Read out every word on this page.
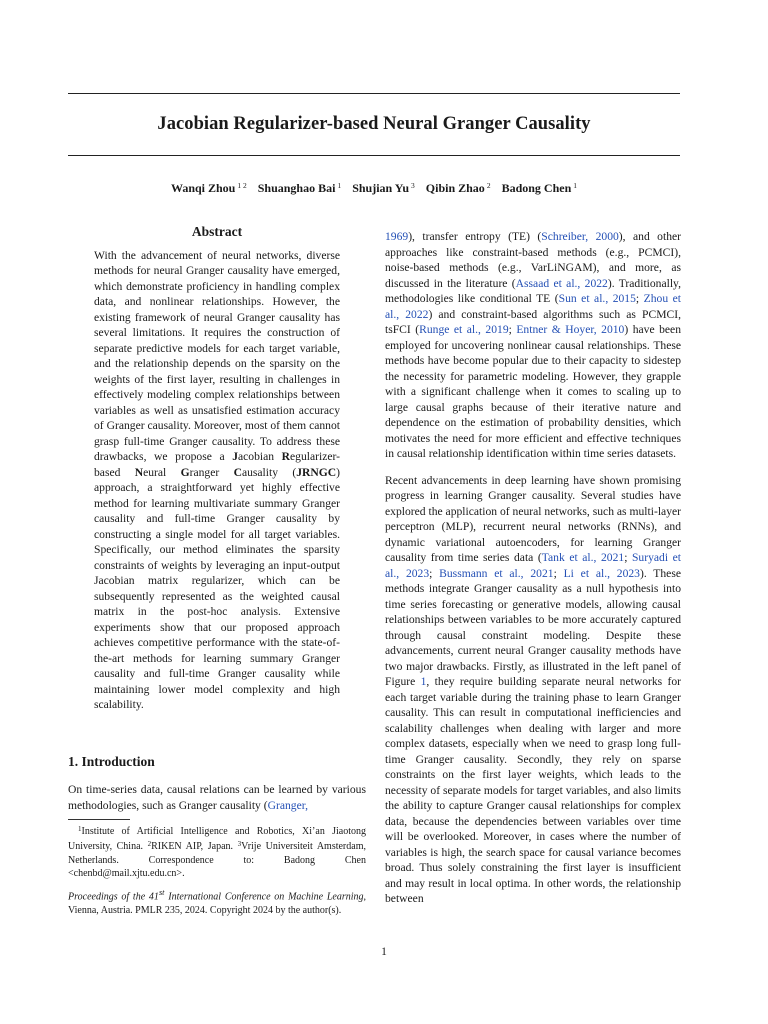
Jacobian Regularizer-based Neural Granger Causality
Wanqi Zhou $^{1 2}$ Shuanghao Bai $^1$ Shujian Yu $^3$ Qibin Zhao $^2$ Badong Chen $^1$
Abstract
With the advancement of neural networks, diverse methods for neural Granger causality have emerged, which demonstrate proficiency in handling complex data, and nonlinear relationships. However, the existing framework of neural Granger causality has several limitations. It requires the construction of separate predictive models for each target variable, and the relationship depends on the sparsity on the weights of the first layer, resulting in challenges in effectively modeling complex relationships between variables as well as unsatisfied estimation accuracy of Granger causality. Moreover, most of them cannot grasp full-time Granger causality. To address these drawbacks, we propose a Jacobian Regularizer-based Neural Granger Causality (JRNGC) approach, a straightforward yet highly effective method for learning multivariate summary Granger causality and full-time Granger causality by constructing a single model for all target variables. Specifically, our method eliminates the sparsity constraints of weights by leveraging an input-output Jacobian matrix regularizer, which can be subsequently represented as the weighted causal matrix in the post-hoc analysis. Extensive experiments show that our proposed approach achieves competitive performance with the state-of-the-art methods for learning summary Granger causality and full-time Granger causality while maintaining lower model complexity and high scalability.
1. Introduction

On time-series data, causal relations can be learned by various methodologies, such as Granger causality (Granger,

$^1$Institute of Artificial Intelligence and Robotics, Xi’an Jiaotong University, China. $^2$RIKEN AIP, Japan. $^3$Vrije Universiteit Amsterdam, Netherlands. Correspondence to: Badong Chen <chenbd@mail.xjtu.edu.cn>.

Proceedings of the 41st International Conference on Machine Learning, Vienna, Austria. PMLR 235, 2024. Copyright 2024 by the author(s).

1969), transfer entropy (TE) (Schreiber, 2000), and other approaches like constraint-based methods (e.g., PCMCI), noise-based methods (e.g., VarLiNGAM), and more, as discussed in the literature (Assaad et al., 2022). Traditionally, methodologies like conditional TE (Sun et al., 2015; Zhou et al., 2022) and constraint-based algorithms such as PCMCI, tsFCI (Runge et al., 2019; Entner & Hoyer, 2010) have been employed for uncovering nonlinear causal relationships. These methods have become popular due to their capacity to sidestep the necessity for parametric modeling. However, they grapple with a significant challenge when it comes to scaling up to large causal graphs because of their iterative nature and dependence on the estimation of probability densities, which motivates the need for more efficient and effective techniques in causal relationship identification within time series datasets.

Recent advancements in deep learning have shown promising progress in learning Granger causality. Several studies have explored the application of neural networks, such as multi-layer perceptron (MLP), recurrent neural networks (RNNs), and dynamic variational autoencoders, for learning Granger causality from time series data (Tank et al., 2021; Suryadi et al., 2023; Bussmann et al., 2021; Li et al., 2023). These methods integrate Granger causality as a null hypothesis into time series forecasting or generative models, allowing causal relationships between variables to be more accurately captured through causal constraint modeling. Despite these advancements, current neural Granger causality methods have two major drawbacks. Firstly, as illustrated in the left panel of Figure 1, they require building separate neural networks for each target variable during the training phase to learn Granger causality. This can result in computational inefficiencies and scalability challenges when dealing with larger and more complex datasets, especially when we need to grasp long full-time Granger causality. Secondly, they rely on sparse constraints on the first layer weights, which leads to the necessity of separate models for target variables, and also limits the ability to capture Granger causal relationships for complex data, because the dependencies between variables over time will be overlooked. Moreover, in cases where the number of variables is high, the search space for causal variance becomes broad. Thus solely constraining the first layer is insufficient and may result in local optima. In other words, the relationship between

1
